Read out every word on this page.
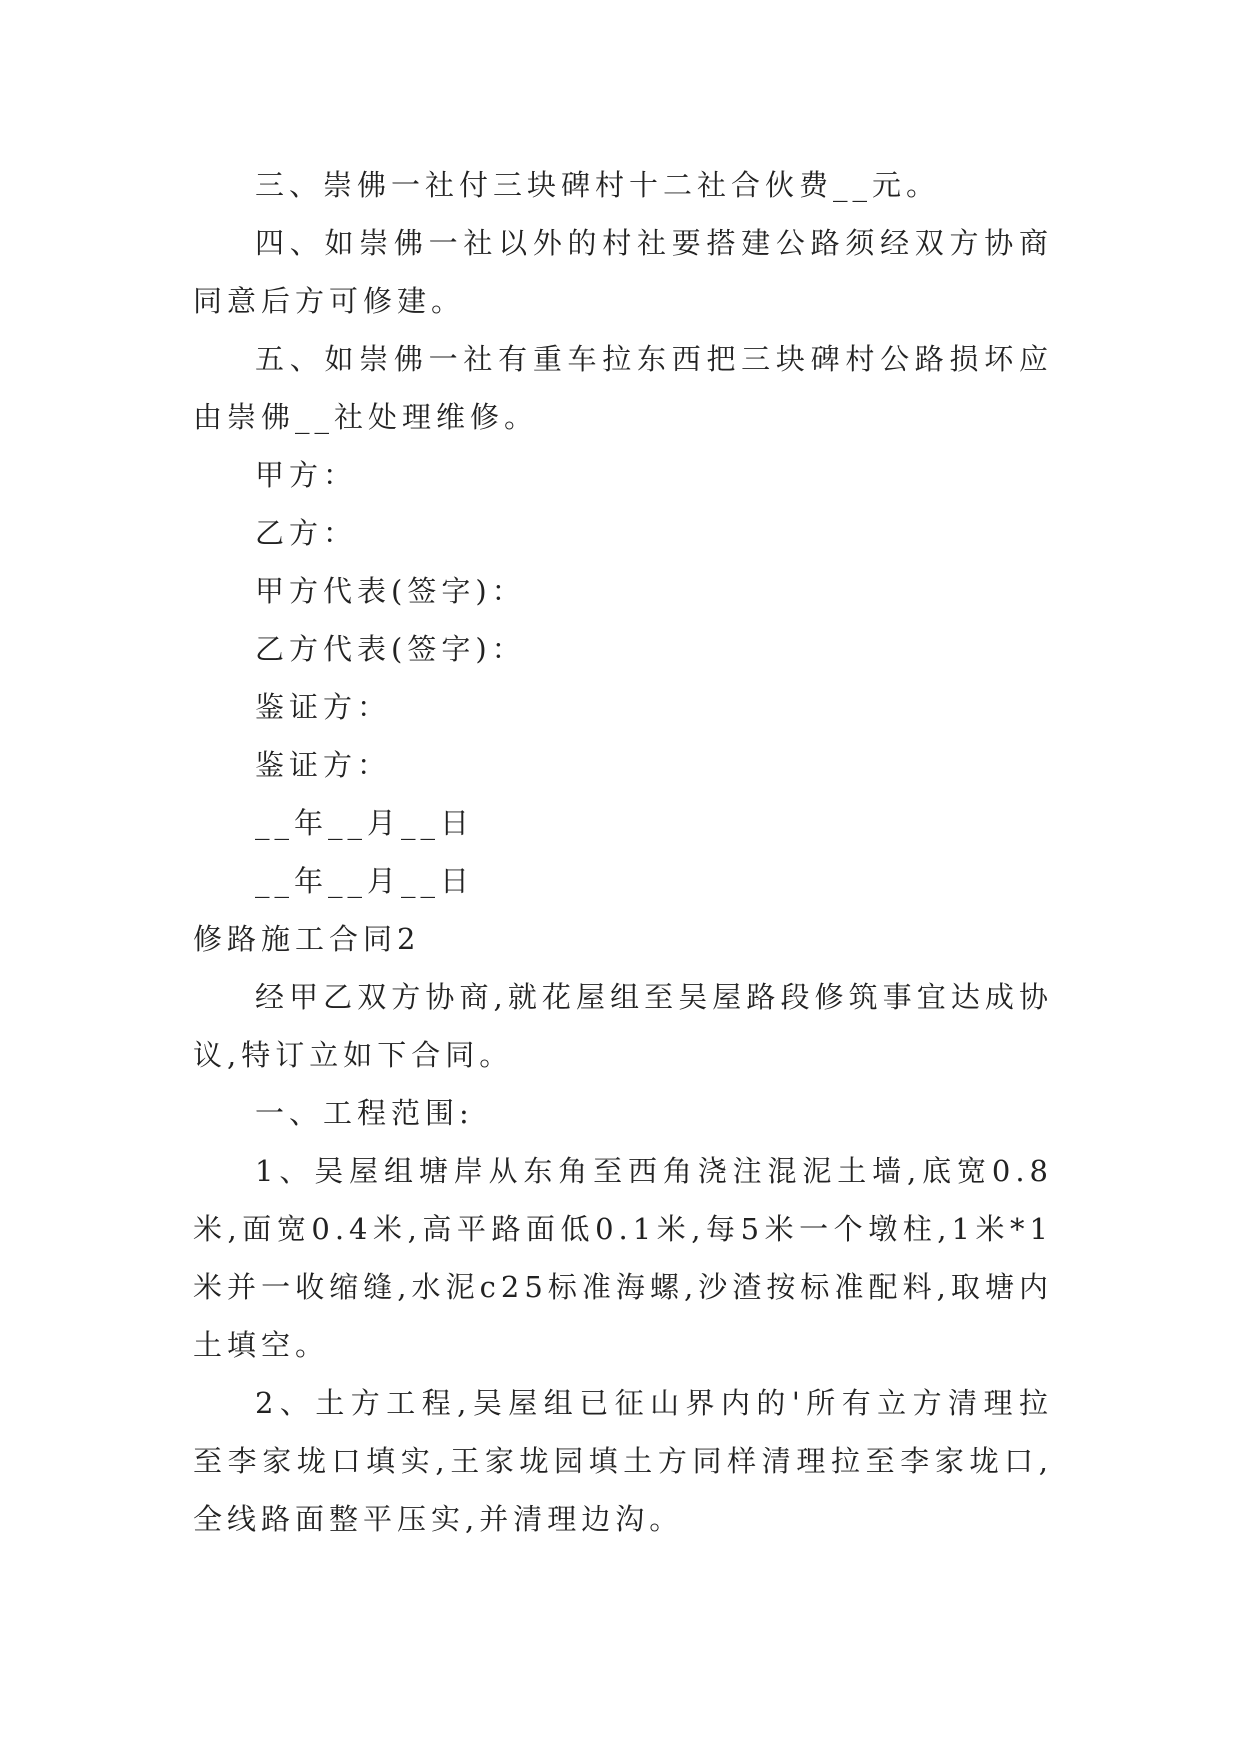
三、崇佛一社付三块碑村十二社合伙费__元。

四、如崇佛一社以外的村社要搭建公路须经双方协商同意后方可修建。

五、如崇佛一社有重车拉东西把三块碑村公路损坏应由崇佛__社处理维修。

甲方：

乙方：

甲方代表(签字)：

乙方代表(签字)：

鉴证方：

鉴证方：

__年__月__日

__年__月__日

修路施工合同2

经甲乙双方协商,就花屋组至吴屋路段修筑事宜达成协议,特订立如下合同。

一、工程范围:

1、吴屋组塘岸从东角至西角浇注混泥土墙,底宽0.8米,面宽0.4米,高平路面低0.1米,每5米一个墩柱,1米*1米并一收缩缝,水泥c25标准海螺,沙渣按标准配料,取塘内土填空。

2、土方工程,吴屋组已征山界内的'所有立方清理拉至李家垅口填实,王家垅园填土方同样清理拉至李家垅口,全线路面整平压实,并清理边沟。
